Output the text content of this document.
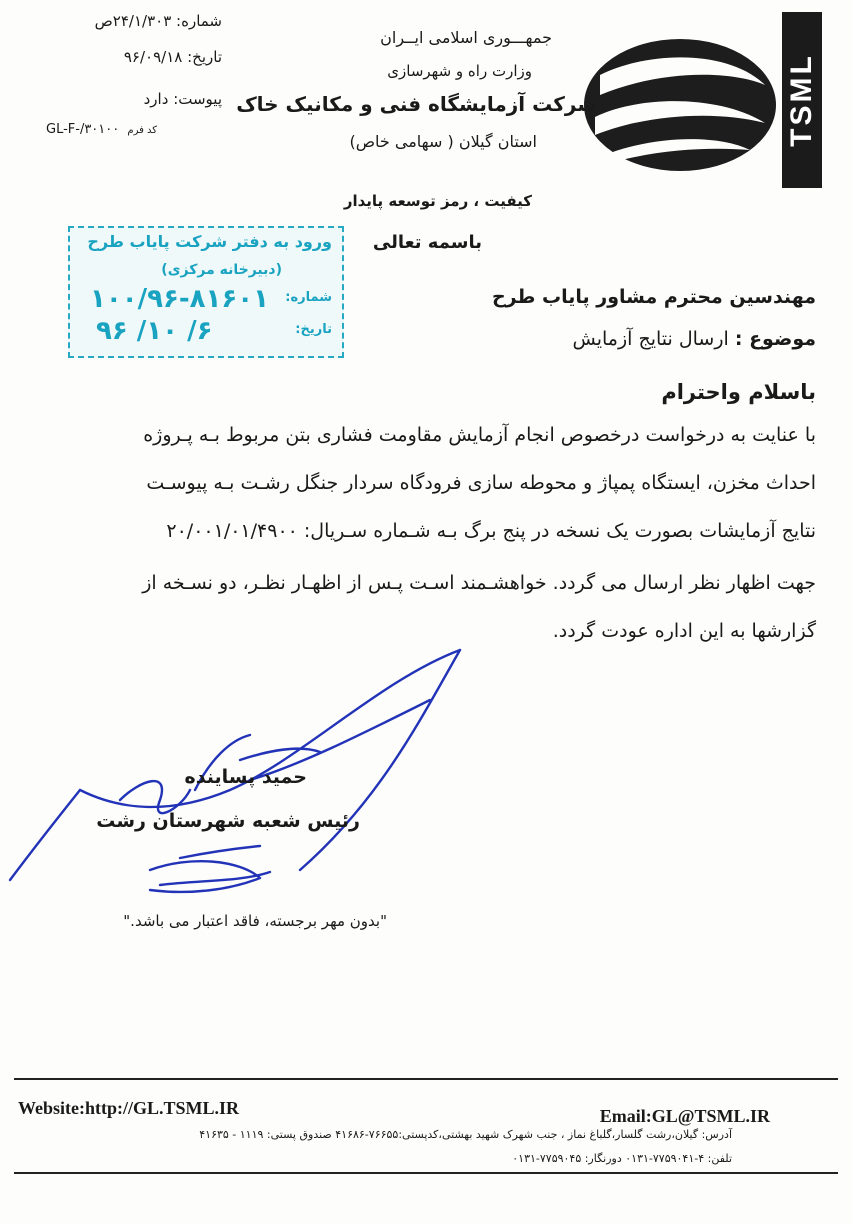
TSML
جمهـــوری اسلامی ایــران
وزارت راه و شهرسازی
شرکت آزمایشگاه فنی و مکانیک خاک
استان گیلان ( سهامی خاص)
شماره: ۲۴/۱/۳۰۳ص
تاریخ: ۹۶/۰۹/۱۸
پیوست: دارد
GL-F-/۳۰۱۰۰ کد فرم
کیفیت ، رمز توسعه پایدار
باسمه تعالی
ورود به دفتر شرکت پایاب طرح
(دبیرخانه مرکزی)
شماره:
۱۰۰/۹۶-۸۱۶۰۱
تاریخ:
۹۶ /۱۰ /۶
مهندسین محترم مشاور پایاب طرح
موضوع : ارسال نتایج آزمایش
باسلام واحترام
با عنایت به درخواست درخصوص انجام آزمایش مقاومت فشاری بتن مربوط بـه پـروژه
احداث مخزن، ایستگاه پمپاژ و محوطه سازی فرودگاه سردار جنگل رشـت بـه پیوسـت
نتایج آزمایشات بصورت یک نسخه در پنج برگ بـه شـماره سـریال: ۲۰/۰۰۱/۰۱/۴۹۰۰
جهت اظهار نظر ارسال می گردد. خواهشـمند اسـت پـس از اظهـار نظـر، دو نسـخه از
گزارشها به این اداره عودت گردد.
حمید پساینده
رئیس شعبه شهرستان رشت
"بدون مهر برجسته، فاقد اعتبار می باشد."
Website:http://GL.TSML.IR	Email:GL@TSML.IR
آدرس: گیلان،رشت گلسار،گلباغ نماز ، جنب شهرک شهید بهشتی،کدپستی:۷۶۶۵۵-۴۱۶۸۶ صندوق پستی: ۱۱۱۹ - ۴۱۶۳۵
تلفن: ۴-۷۷۵۹۰۴۱-۰۱۳۱ دورنگار: ۷۷۵۹۰۴۵-۰۱۳۱
